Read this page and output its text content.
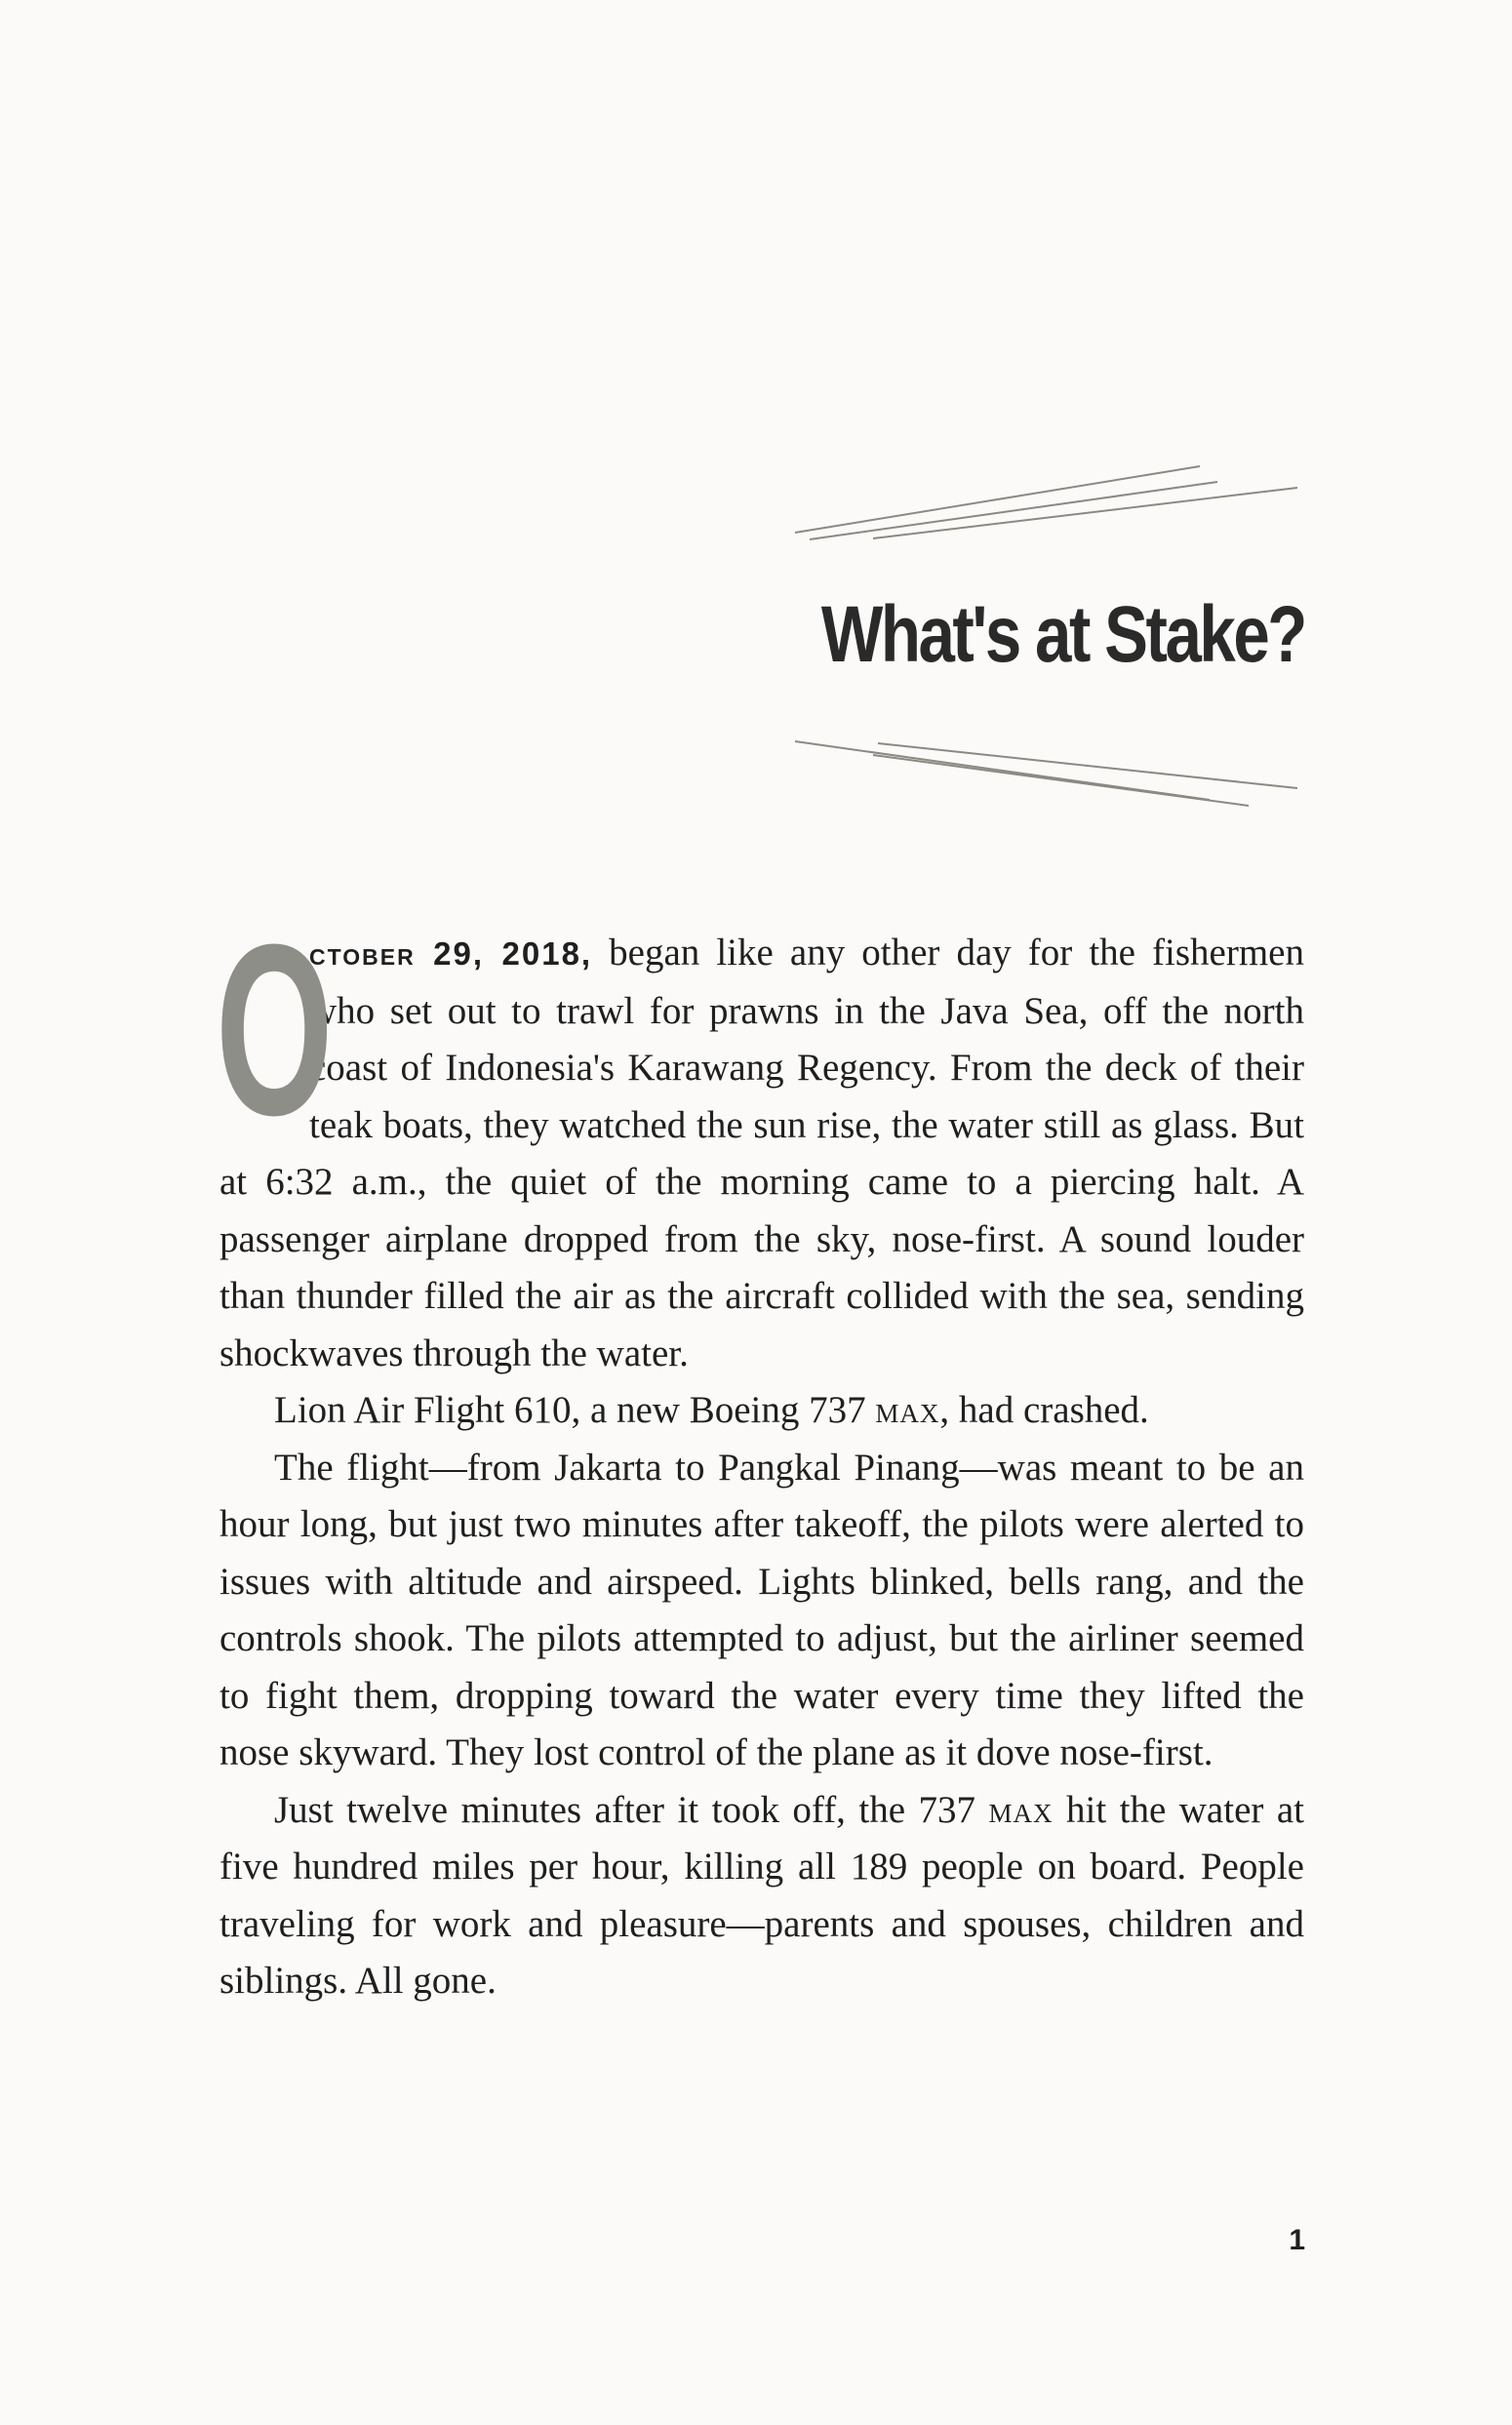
What's at Stake?

O
ctober 29, 2018, began like any other day for the fishermen who set out to trawl for prawns in the Java Sea, off the north coast of Indonesia's Karawang Regency. From the deck of their teak boats, they watched the sun rise, the water still as glass. But at 6:32 a.m., the quiet of the morning came to a piercing halt. A passenger airplane dropped from the sky, nose-first. A sound louder than thunder filled the air as the aircraft collided with the sea, sending shockwaves through the water.

Lion Air Flight 610, a new Boeing 737 max, had crashed.

The flight—from Jakarta to Pangkal Pinang—was meant to be an hour long, but just two minutes after takeoff, the pilots were alerted to issues with altitude and airspeed. Lights blinked, bells rang, and the controls shook. The pilots attempted to adjust, but the airliner seemed to fight them, dropping toward the water every time they lifted the nose skyward. They lost control of the plane as it dove nose-first.

Just twelve minutes after it took off, the 737 max hit the water at five hundred miles per hour, killing all 189 people on board. People traveling for work and pleasure—parents and spouses, children and siblings. All gone.

1
